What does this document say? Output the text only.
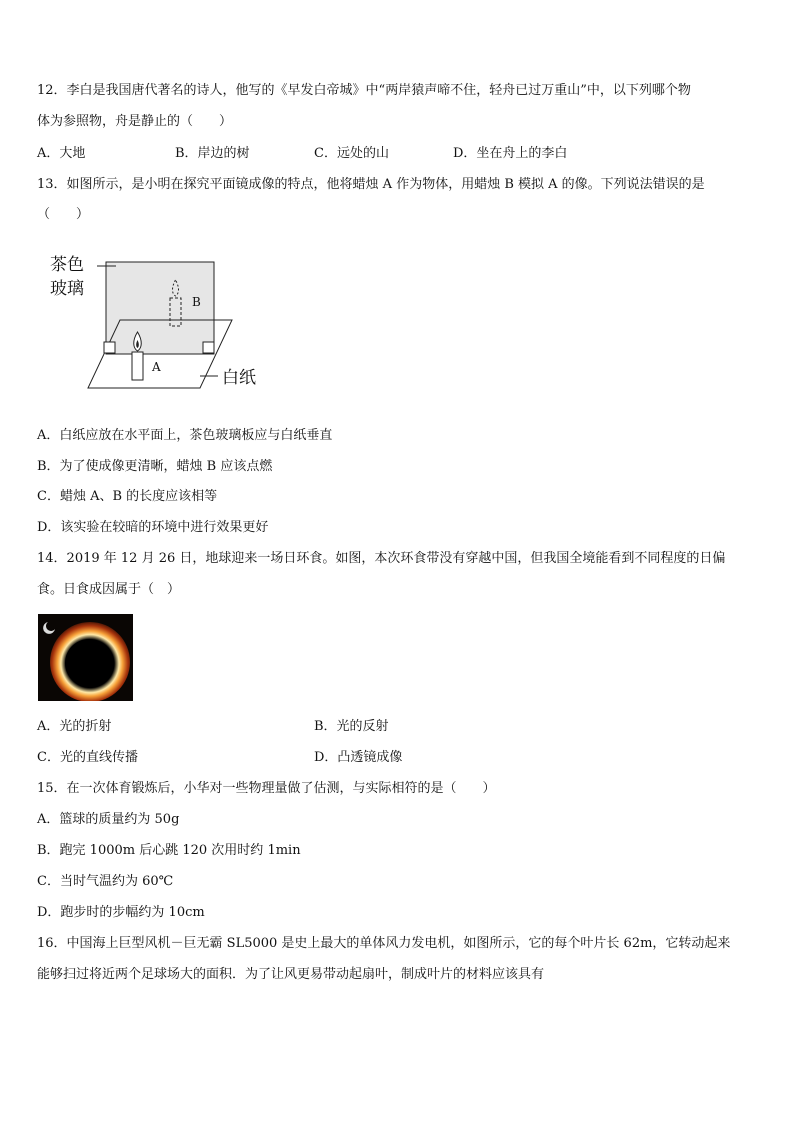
12．李白是我国唐代著名的诗人，他写的《早发白帝城》中“两岸猿声啼不住，轻舟已过万重山”中，以下列哪个物
体为参照物，舟是静止的（　　）
A．大地	B．岸边的树	C．远处的山	D．坐在舟上的李白
13．如图所示，是小明在探究平面镜成像的特点，他将蜡烛 A 作为物体，用蜡烛 B 模拟 A 的像。下列说法错误的是
（　　）
茶色
玻璃
白纸
A
B
A．白纸应放在水平面上，茶色玻璃板应与白纸垂直
B．为了使成像更清晰，蜡烛 B 应该点燃
C．蜡烛 A、B 的长度应该相等
D．该实验在较暗的环境中进行效果更好
14．2019 年 12 月 26 日，地球迎来一场日环食。如图，本次环食带没有穿越中国，但我国全境能看到不同程度的日偏
食。日食成因属于（　）
A．光的折射	B．光的反射
C．光的直线传播	D．凸透镜成像
15．在一次体育锻炼后，小华对一些物理量做了估测，与实际相符的是（　　）
A．篮球的质量约为 50g
B．跑完 1000m 后心跳 120 次用时约 1min
C．当时气温约为 60℃
D．跑步时的步幅约为 10cm
16．中国海上巨型风机－巨无霸 SL5000 是史上最大的单体风力发电机，如图所示，它的每个叶片长 62m，它转动起来
能够扫过将近两个足球场大的面积．为了让风更易带动起扇叶，制成叶片的材料应该具有
